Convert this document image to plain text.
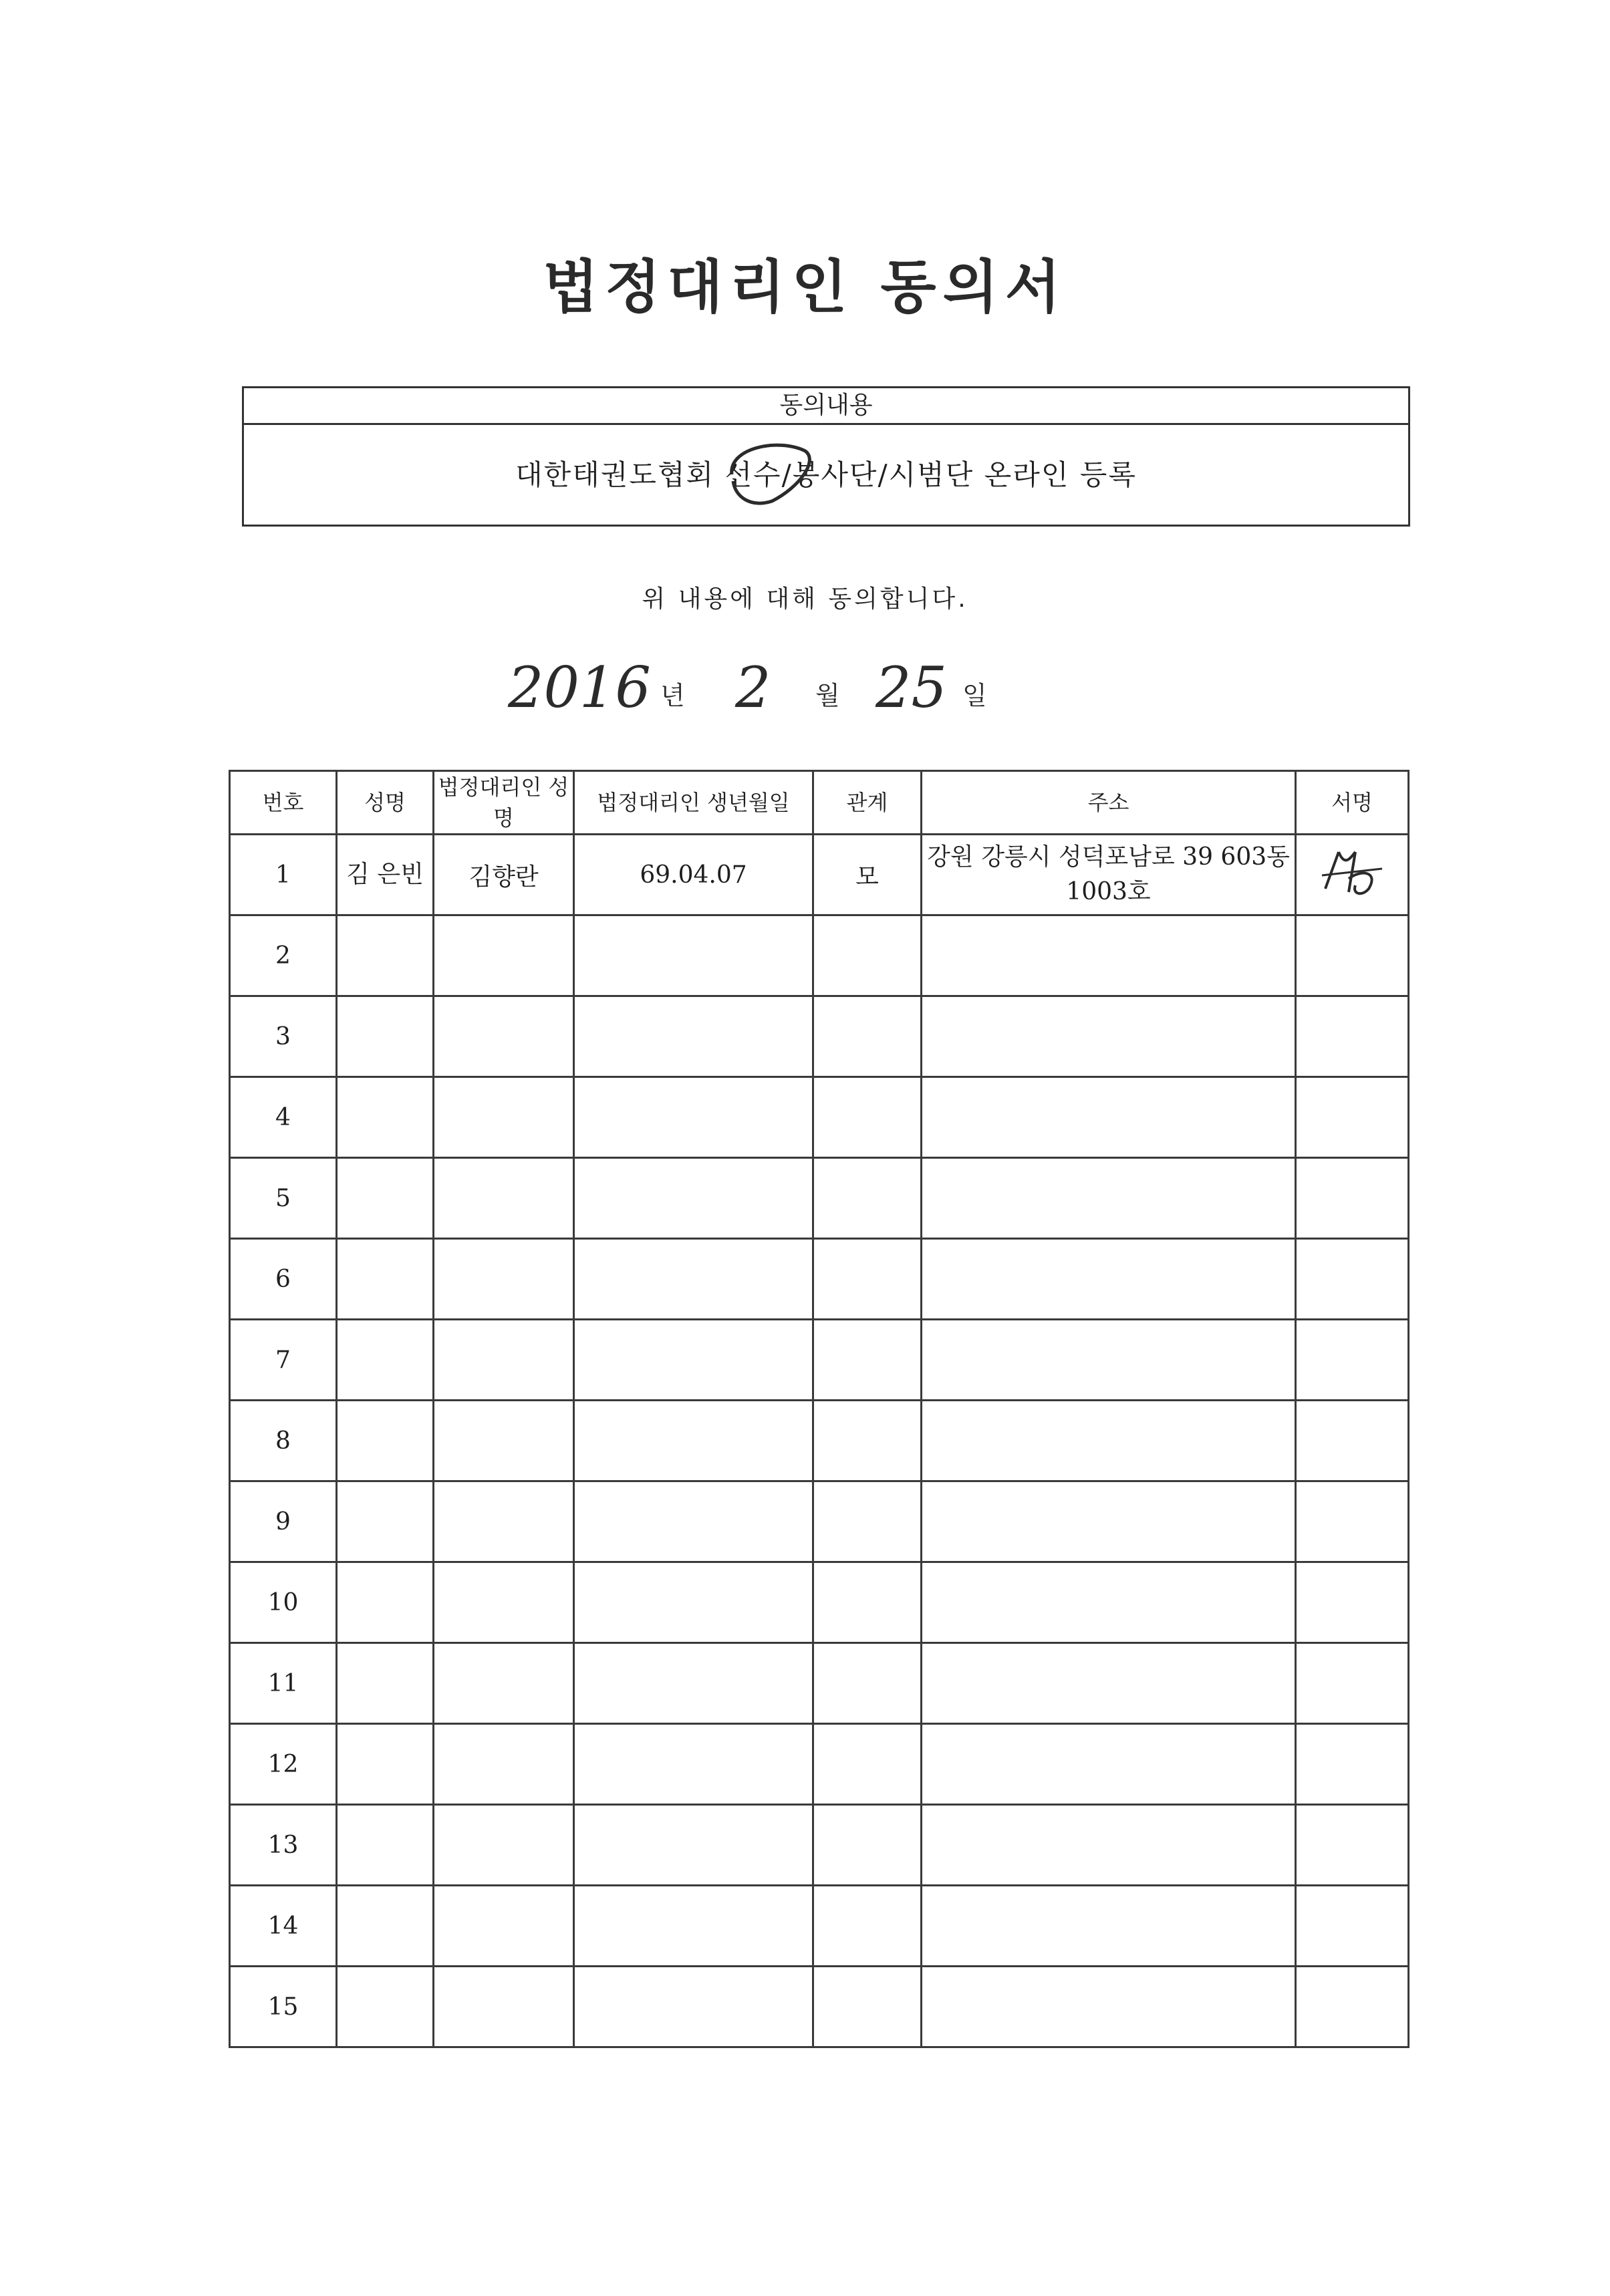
법정대리인 동의서
동의내용
대한태권도협회 선수/봉사단/시범단 온라인 등록
위 내용에 대해 동의합니다.
2016 년 2 월 25 일
번호	성명	법정대리인 성명	법정대리인 생년월일	관계	주소	서명
1	김 은빈	김향란	69.04.07	모	강원 강릉시 성덕포남로 39 603동1003호	
2						
3						
4						
5						
6						
7						
8						
9						
10						
11						
12						
13						
14						
15						
